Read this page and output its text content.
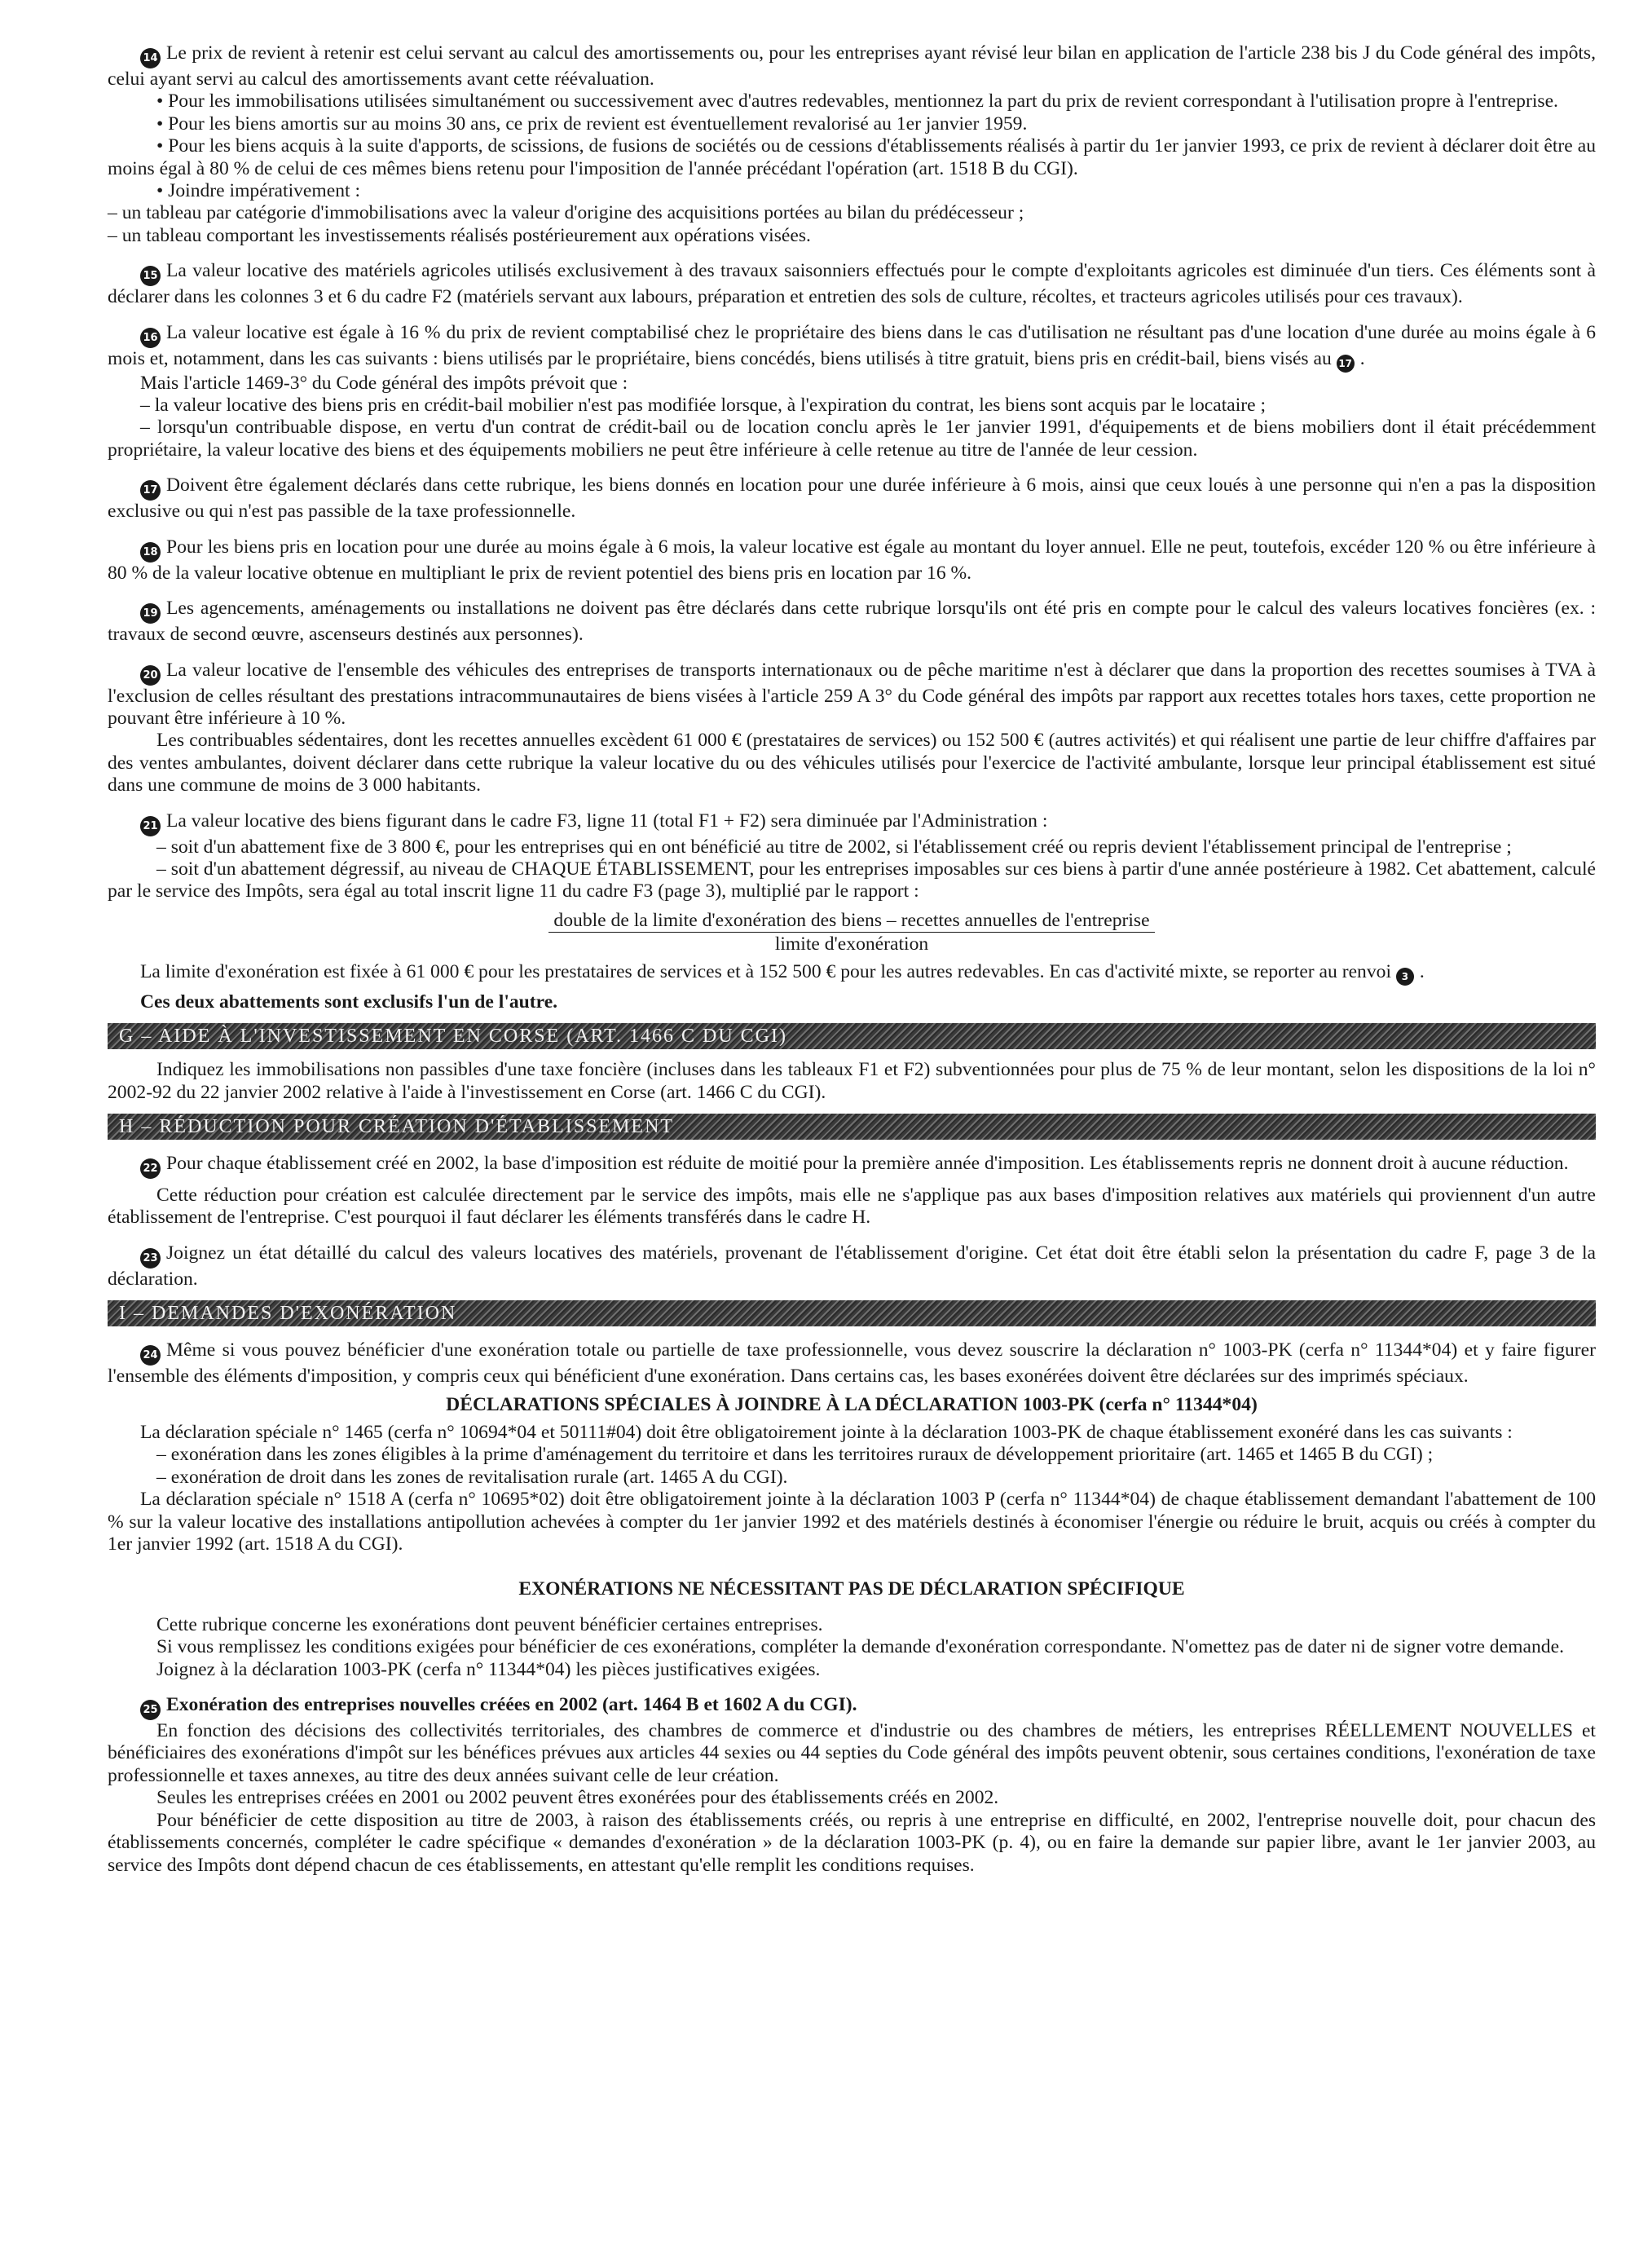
14 Le prix de revient à retenir est celui servant au calcul des amortissements ou, pour les entreprises ayant révisé leur bilan en application de l'article 238 bis J du Code général des impôts, celui ayant servi au calcul des amortissements avant cette réévaluation.

• Pour les immobilisations utilisées simultanément ou successivement avec d'autres redevables, mentionnez la part du prix de revient correspondant à l'utilisation propre à l'entreprise.

• Pour les biens amortis sur au moins 30 ans, ce prix de revient est éventuellement revalorisé au 1er janvier 1959.

• Pour les biens acquis à la suite d'apports, de scissions, de fusions de sociétés ou de cessions d'établissements réalisés à partir du 1er janvier 1993, ce prix de revient à déclarer doit être au moins égal à 80 % de celui de ces mêmes biens retenu pour l'imposition de l'année précédant l'opération (art. 1518 B du CGI).

• Joindre impérativement :

– un tableau par catégorie d'immobilisations avec la valeur d'origine des acquisitions portées au bilan du prédécesseur ;

– un tableau comportant les investissements réalisés postérieurement aux opérations visées.

15 La valeur locative des matériels agricoles utilisés exclusivement à des travaux saisonniers effectués pour le compte d'exploitants agricoles est diminuée d'un tiers. Ces éléments sont à déclarer dans les colonnes 3 et 6 du cadre F2 (matériels servant aux labours, préparation et entretien des sols de culture, récoltes, et tracteurs agricoles utilisés pour ces travaux).

16 La valeur locative est égale à 16 % du prix de revient comptabilisé chez le propriétaire des biens dans le cas d'utilisation ne résultant pas d'une location d'une durée au moins égale à 6 mois et, notamment, dans les cas suivants : biens utilisés par le propriétaire, biens concédés, biens utilisés à titre gratuit, biens pris en crédit-bail, biens visés au 17 .

Mais l'article 1469-3° du Code général des impôts prévoit que :

– la valeur locative des biens pris en crédit-bail mobilier n'est pas modifiée lorsque, à l'expiration du contrat, les biens sont acquis par le locataire ;

– lorsqu'un contribuable dispose, en vertu d'un contrat de crédit-bail ou de location conclu après le 1er janvier 1991, d'équipements et de biens mobiliers dont il était précédemment propriétaire, la valeur locative des biens et des équipements mobiliers ne peut être inférieure à celle retenue au titre de l'année de leur cession.

17 Doivent être également déclarés dans cette rubrique, les biens donnés en location pour une durée inférieure à 6 mois, ainsi que ceux loués à une personne qui n'en a pas la disposition exclusive ou qui n'est pas passible de la taxe professionnelle.

18 Pour les biens pris en location pour une durée au moins égale à 6 mois, la valeur locative est égale au montant du loyer annuel. Elle ne peut, toutefois, excéder 120 % ou être inférieure à 80 % de la valeur locative obtenue en multipliant le prix de revient potentiel des biens pris en location par 16 %.

19 Les agencements, aménagements ou installations ne doivent pas être déclarés dans cette rubrique lorsqu'ils ont été pris en compte pour le calcul des valeurs locatives foncières (ex. : travaux de second œuvre, ascenseurs destinés aux personnes).

20 La valeur locative de l'ensemble des véhicules des entreprises de transports internationaux ou de pêche maritime n'est à déclarer que dans la proportion des recettes soumises à TVA à l'exclusion de celles résultant des prestations intracommunautaires de biens visées à l'article 259 A 3° du Code général des impôts par rapport aux recettes totales hors taxes, cette proportion ne pouvant être inférieure à 10 %.

Les contribuables sédentaires, dont les recettes annuelles excèdent 61 000 € (prestataires de services) ou 152 500 € (autres activités) et qui réalisent une partie de leur chiffre d'affaires par des ventes ambulantes, doivent déclarer dans cette rubrique la valeur locative du ou des véhicules utilisés pour l'exercice de l'activité ambulante, lorsque leur principal établissement est situé dans une commune de moins de 3 000 habitants.

21 La valeur locative des biens figurant dans le cadre F3, ligne 11 (total F1 + F2) sera diminuée par l'Administration :

– soit d'un abattement fixe de 3 800 €, pour les entreprises qui en ont bénéficié au titre de 2002, si l'établissement créé ou repris devient l'établissement principal de l'entreprise ;

– soit d'un abattement dégressif, au niveau de CHAQUE ÉTABLISSEMENT, pour les entreprises imposables sur ces biens à partir d'une année postérieure à 1982. Cet abattement, calculé par le service des Impôts, sera égal au total inscrit ligne 11 du cadre F3 (page 3), multiplié par le rapport :

double de la limite d'exonération des biens – recettes annuelles de l'entreprise
limite d'exonération

La limite d'exonération est fixée à 61 000 € pour les prestataires de services et à 152 500 € pour les autres redevables. En cas d'activité mixte, se reporter au renvoi 3 .

Ces deux abattements sont exclusifs l'un de l'autre.

G – AIDE À L'INVESTISSEMENT EN CORSE (ART. 1466 C DU CGI)

Indiquez les immobilisations non passibles d'une taxe foncière (incluses dans les tableaux F1 et F2) subventionnées pour plus de 75 % de leur montant, selon les dispositions de la loi n° 2002-92 du 22 janvier 2002 relative à l'aide à l'investissement en Corse (art. 1466 C du CGI).

H – RÉDUCTION POUR CRÉATION D'ÉTABLISSEMENT

22 Pour chaque établissement créé en 2002, la base d'imposition est réduite de moitié pour la première année d'imposition. Les établissements repris ne donnent droit à aucune réduction.

Cette réduction pour création est calculée directement par le service des impôts, mais elle ne s'applique pas aux bases d'imposition relatives aux matériels qui proviennent d'un autre établissement de l'entreprise. C'est pourquoi il faut déclarer les éléments transférés dans le cadre H.

23 Joignez un état détaillé du calcul des valeurs locatives des matériels, provenant de l'établissement d'origine. Cet état doit être établi selon la présentation du cadre F, page 3 de la déclaration.

I – DEMANDES D'EXONÉRATION

24 Même si vous pouvez bénéficier d'une exonération totale ou partielle de taxe professionnelle, vous devez souscrire la déclaration n° 1003-PK (cerfa n° 11344*04) et y faire figurer l'ensemble des éléments d'imposition, y compris ceux qui bénéficient d'une exonération. Dans certains cas, les bases exonérées doivent être déclarées sur des imprimés spéciaux.

DÉCLARATIONS SPÉCIALES À JOINDRE À LA DÉCLARATION 1003-PK (cerfa n° 11344*04)

La déclaration spéciale n° 1465 (cerfa n° 10694*04 et 50111#04) doit être obligatoirement jointe à la déclaration 1003-PK de chaque établissement exonéré dans les cas suivants :

– exonération dans les zones éligibles à la prime d'aménagement du territoire et dans les territoires ruraux de développement prioritaire (art. 1465 et 1465 B du CGI) ;

– exonération de droit dans les zones de revitalisation rurale (art. 1465 A du CGI).

La déclaration spéciale n° 1518 A (cerfa n° 10695*02) doit être obligatoirement jointe à la déclaration 1003 P (cerfa n° 11344*04) de chaque établissement demandant l'abattement de 100 % sur la valeur locative des installations antipollution achevées à compter du 1er janvier 1992 et des matériels destinés à économiser l'énergie ou réduire le bruit, acquis ou créés à compter du 1er janvier 1992 (art. 1518 A du CGI).

EXONÉRATIONS NE NÉCESSITANT PAS DE DÉCLARATION SPÉCIFIQUE

Cette rubrique concerne les exonérations dont peuvent bénéficier certaines entreprises.

Si vous remplissez les conditions exigées pour bénéficier de ces exonérations, compléter la demande d'exonération correspondante. N'omettez pas de dater ni de signer votre demande.

Joignez à la déclaration 1003-PK (cerfa n° 11344*04) les pièces justificatives exigées.

25 Exonération des entreprises nouvelles créées en 2002 (art. 1464 B et 1602 A du CGI).

En fonction des décisions des collectivités territoriales, des chambres de commerce et d'industrie ou des chambres de métiers, les entreprises RÉELLEMENT NOUVELLES et bénéficiaires des exonérations d'impôt sur les bénéfices prévues aux articles 44 sexies ou 44 septies du Code général des impôts peuvent obtenir, sous certaines conditions, l'exonération de taxe professionnelle et taxes annexes, au titre des deux années suivant celle de leur création.

Seules les entreprises créées en 2001 ou 2002 peuvent êtres exonérées pour des établissements créés en 2002.

Pour bénéficier de cette disposition au titre de 2003, à raison des établissements créés, ou repris à une entreprise en difficulté, en 2002, l'entreprise nouvelle doit, pour chacun des établissements concernés, compléter le cadre spécifique « demandes d'exonération » de la déclaration 1003-PK (p. 4), ou en faire la demande sur papier libre, avant le 1er janvier 2003, au service des Impôts dont dépend chacun de ces établissements, en attestant qu'elle remplit les conditions requises.
